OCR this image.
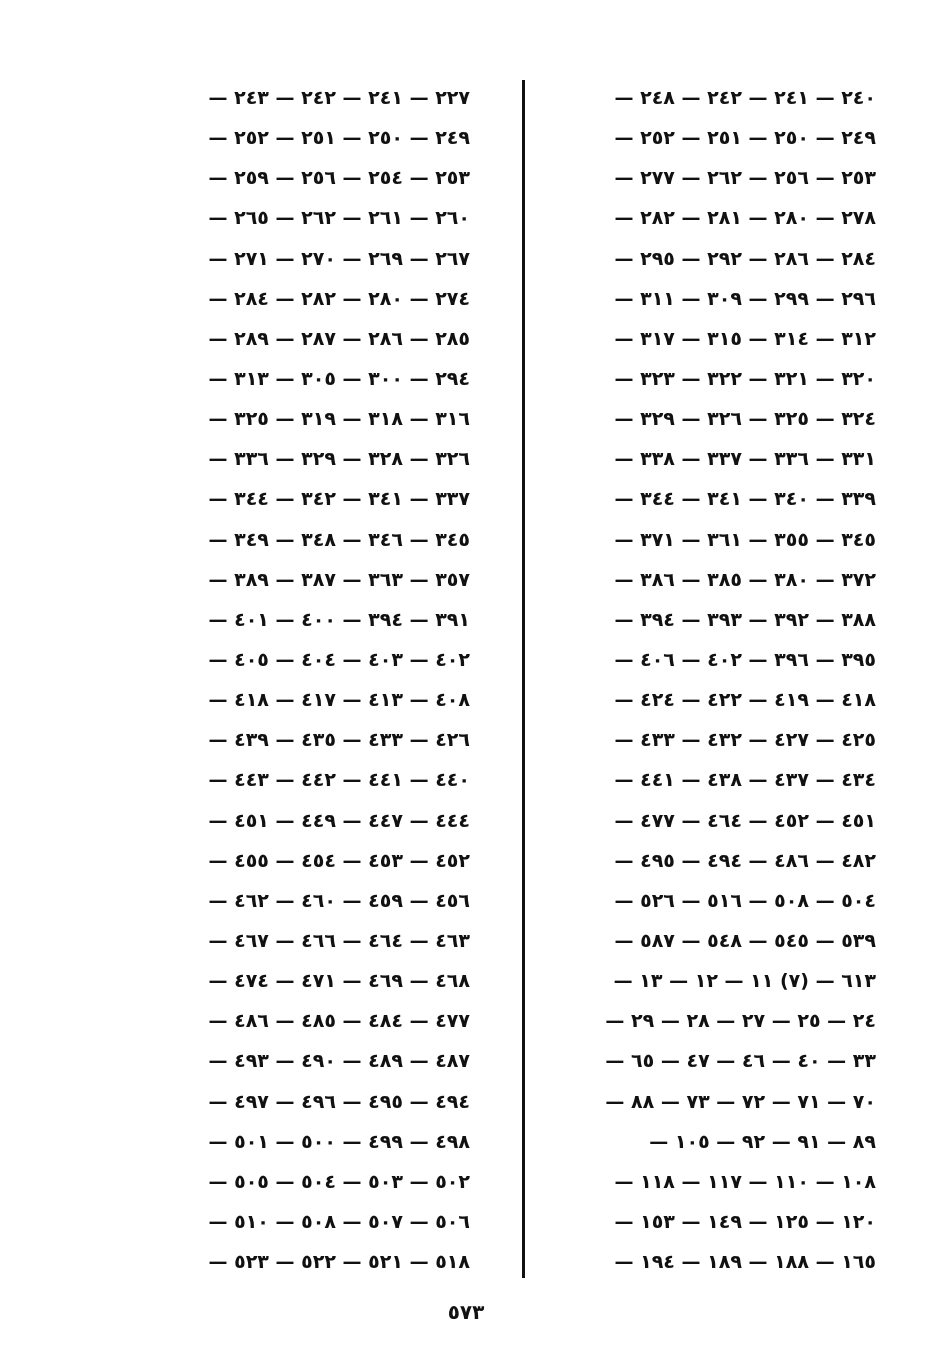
٢٤٠ — ٢٤١ — ٢٤٢ — ٢٤٨ —
٢٤٩ — ٢٥٠ — ٢٥١ — ٢٥٢ —
٢٥٣ — ٢٥٦ — ٢٦٢ — ٢٧٧ —
٢٧٨ — ٢٨٠ — ٢٨١ — ٢٨٢ —
٢٨٤ — ٢٨٦ — ٢٩٢ — ٢٩٥ —
٢٩٦ — ٢٩٩ — ٣٠٩ — ٣١١ —
٣١٢ — ٣١٤ — ٣١٥ — ٣١٧ —
٣٢٠ — ٣٢١ — ٣٢٢ — ٣٢٣ —
٣٢٤ — ٣٢٥ — ٣٢٦ — ٣٢٩ —
٣٣١ — ٣٣٦ — ٣٣٧ — ٣٣٨ —
٣٣٩ — ٣٤٠ — ٣٤١ — ٣٤٤ —
٣٤٥ — ٣٥٥ — ٣٦١ — ٣٧١ —
٣٧٢ — ٣٨٠ — ٣٨٥ — ٣٨٦ —
٣٨٨ — ٣٩٢ — ٣٩٣ — ٣٩٤ —
٣٩٥ — ٣٩٦ — ٤٠٢ — ٤٠٦ —
٤١٨ — ٤١٩ — ٤٢٢ — ٤٢٤ —
٤٢٥ — ٤٢٧ — ٤٣٢ — ٤٣٣ —
٤٣٤ — ٤٣٧ — ٤٣٨ — ٤٤١ —
٤٥١ — ٤٥٢ — ٤٦٤ — ٤٧٧ —
٤٨٢ — ٤٨٦ — ٤٩٤ — ٤٩٥ —
٥٠٤ — ٥٠٨ — ٥١٦ — ٥٢٦ —
٥٣٩ — ٥٤٥ — ٥٤٨ — ٥٨٧ —
٦١٣ — (٧) ١١ — ١٢ — ١٣ —
٢٤ — ٢٥ — ٢٧ — ٢٨ — ٢٩ —
٣٣ — ٤٠ — ٤٦ — ٤٧ — ٦٥ —
٧٠ — ٧١ — ٧٢ — ٧٣ — ٨٨ —
٨٩ — ٩١ — ٩٢ — ١٠٥ —
١٠٨ — ١١٠ — ١١٧ — ١١٨ —
١٢٠ — ١٢٥ — ١٤٩ — ١٥٣ —
١٦٥ — ١٨٨ — ١٨٩ — ١٩٤ —
٢٢٧ — ٢٤١ — ٢٤٢ — ٢٤٣ —
٢٤٩ — ٢٥٠ — ٢٥١ — ٢٥٢ —
٢٥٣ — ٢٥٤ — ٢٥٦ — ٢٥٩ —
٢٦٠ — ٢٦١ — ٢٦٢ — ٢٦٥ —
٢٦٧ — ٢٦٩ — ٢٧٠ — ٢٧١ —
٢٧٤ — ٢٨٠ — ٢٨٢ — ٢٨٤ —
٢٨٥ — ٢٨٦ — ٢٨٧ — ٢٨٩ —
٢٩٤ — ٣٠٠ — ٣٠٥ — ٣١٣ —
٣١٦ — ٣١٨ — ٣١٩ — ٣٢٥ —
٣٢٦ — ٣٢٨ — ٣٢٩ — ٣٣٦ —
٣٣٧ — ٣٤١ — ٣٤٢ — ٣٤٤ —
٣٤٥ — ٣٤٦ — ٣٤٨ — ٣٤٩ —
٣٥٧ — ٣٦٣ — ٣٨٧ — ٣٨٩ —
٣٩١ — ٣٩٤ — ٤٠٠ — ٤٠١ —
٤٠٢ — ٤٠٣ — ٤٠٤ — ٤٠٥ —
٤٠٨ — ٤١٣ — ٤١٧ — ٤١٨ —
٤٢٦ — ٤٣٣ — ٤٣٥ — ٤٣٩ —
٤٤٠ — ٤٤١ — ٤٤٢ — ٤٤٣ —
٤٤٤ — ٤٤٧ — ٤٤٩ — ٤٥١ —
٤٥٢ — ٤٥٣ — ٤٥٤ — ٤٥٥ —
٤٥٦ — ٤٥٩ — ٤٦٠ — ٤٦٢ —
٤٦٣ — ٤٦٤ — ٤٦٦ — ٤٦٧ —
٤٦٨ — ٤٦٩ — ٤٧١ — ٤٧٤ —
٤٧٧ — ٤٨٤ — ٤٨٥ — ٤٨٦ —
٤٨٧ — ٤٨٩ — ٤٩٠ — ٤٩٣ —
٤٩٤ — ٤٩٥ — ٤٩٦ — ٤٩٧ —
٤٩٨ — ٤٩٩ — ٥٠٠ — ٥٠١ —
٥٠٢ — ٥٠٣ — ٥٠٤ — ٥٠٥ —
٥٠٦ — ٥٠٧ — ٥٠٨ — ٥١٠ —
٥١٨ — ٥٢١ — ٥٢٢ — ٥٢٣ —
٥٧٣
